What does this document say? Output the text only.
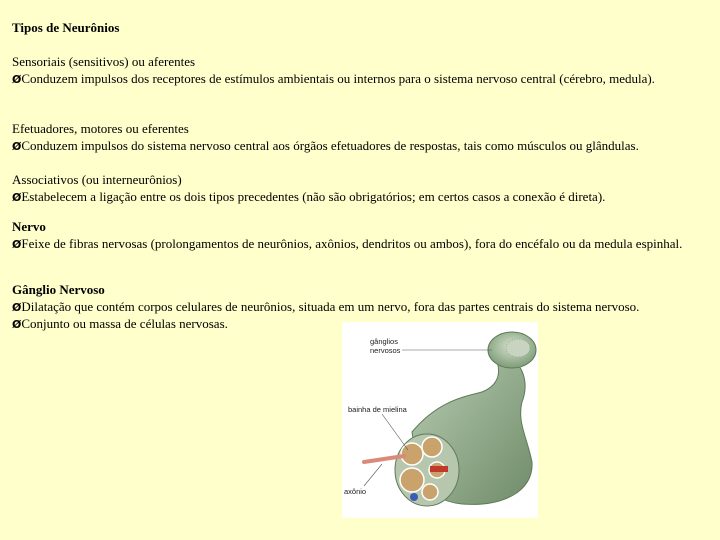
Tipos de Neurônios
Sensoriais (sensitivos) ou aferentes
ØConduzem impulsos dos receptores de estímulos ambientais ou internos para o sistema nervoso central (cérebro, medula).
Efetuadores, motores ou eferentes
ØConduzem impulsos do sistema nervoso central aos órgãos efetuadores de respostas, tais como músculos ou glândulas.
Associativos (ou interneurônios)
ØEstabelecem a ligação entre os dois tipos precedentes (não são obrigatórios; em certos casos a conexão é direta).
Nervo
ØFeixe de fibras nervosas (prolongamentos de neurônios, axônios, dendritos ou ambos), fora do encéfalo ou da medula espinhal.
Gânglio Nervoso
ØDilatação que contém corpos celulares de neurônios, situada em um nervo, fora das partes centrais do sistema nervoso.
ØConjunto ou massa de células nervosas.
gânglios
nervosos
bainha de mielina
axônio
